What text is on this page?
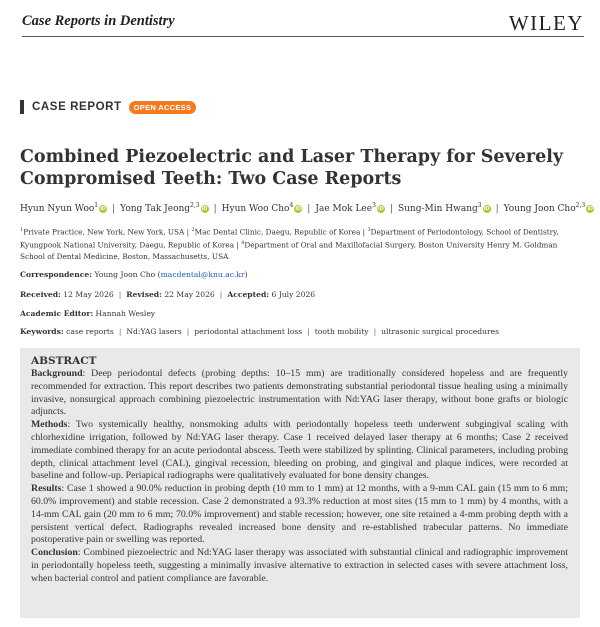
Case Reports in Dentistry	WILEY
CASE REPORT	OPEN ACCESS
Combined Piezoelectric and Laser Therapy for Severely Compromised Teeth: Two Case Reports
Hyun Nyun Woo$^1$ iD | Yong Tak Jeong$^{2,3}$ iD | Hyun Woo Cho$^4$ iD | Jae Mok Lee$^3$ iD | Sung-Min Hwang$^3$ iD | Young Joon Cho$^{2,3}$ iD
$^1$Private Practice, New York, New York, USA | $^2$Mac Dental Clinic, Daegu, Republic of Korea | $^3$Department of Periodontology, School of Dentistry, Kyungpook National University, Daegu, Republic of Korea | $^4$Department of Oral and Maxillofacial Surgery, Boston University Henry M. Goldman School of Dental Medicine, Boston, Massachusetts, USA
Correspondence: Young Joon Cho (macdental@knu.ac.kr)
Received: 12 May 2026 | Revised: 22 May 2026 | Accepted: 6 July 2026
Academic Editor: Hannah Wesley
Keywords: case reports | Nd:YAG lasers | periodontal attachment loss | tooth mobility | ultrasonic surgical procedures
ABSTRACT

Background: Deep periodontal defects (probing depths: 10–15 mm) are traditionally considered hopeless and are frequently recommended for extraction. This report describes two patients demonstrating substantial periodontal tissue healing using a minimally invasive, nonsurgical approach combining piezoelectric instrumentation with Nd:YAG laser therapy, without bone grafts or biologic adjuncts.

Methods: Two systemically healthy, nonsmoking adults with periodontally hopeless teeth underwent subgingival scaling with chlorhexidine irrigation, followed by Nd:YAG laser therapy. Case 1 received delayed laser therapy at 6 months; Case 2 received immediate combined therapy for an acute periodontal abscess. Teeth were stabilized by splinting. Clinical parameters, including probing depth, clinical attachment level (CAL), gingival recession, bleeding on probing, and gingival and plaque indices, were recorded at baseline and follow-up. Periapical radiographs were qualitatively evaluated for bone density changes.

Results: Case 1 showed a 90.0% reduction in probing depth (10 mm to 1 mm) at 12 months, with a 9-mm CAL gain (15 mm to 6 mm; 60.0% improvement) and stable recession. Case 2 demonstrated a 93.3% reduction at most sites (15 mm to 1 mm) by 4 months, with a 14-mm CAL gain (20 mm to 6 mm; 70.0% improvement) and stable recession; however, one site retained a 4-mm probing depth with a persistent vertical defect. Radiographs revealed increased bone density and re-established trabecular patterns. No immediate postoperative pain or swelling was reported.

Conclusion: Combined piezoelectric and Nd:YAG laser therapy was associated with substantial clinical and radiographic improvement in periodontally hopeless teeth, suggesting a minimally invasive alternative to extraction in selected cases with severe attachment loss, when bacterial control and patient compliance are favorable.
